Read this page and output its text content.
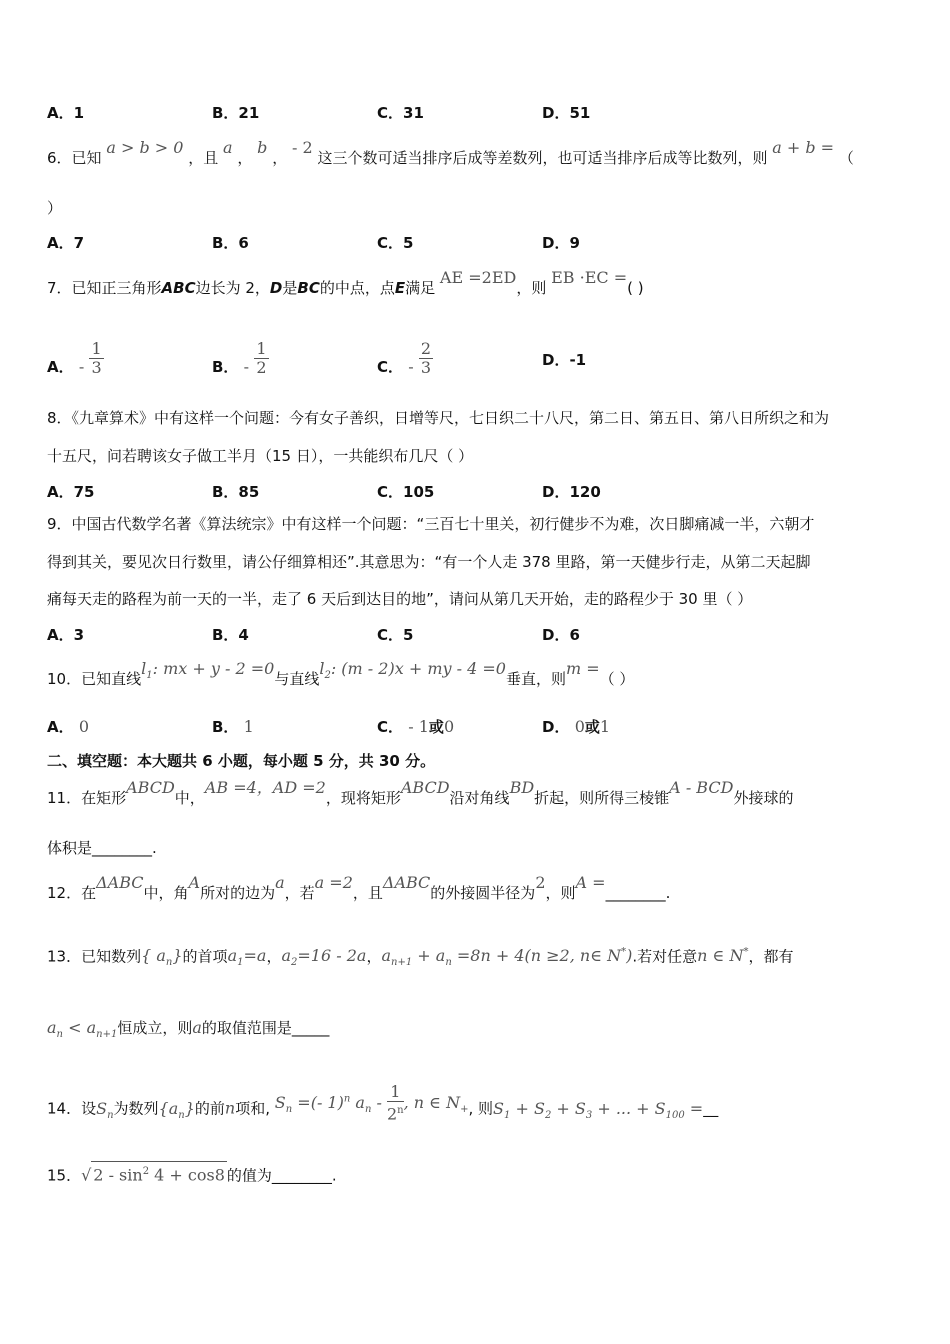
A．1	B．21	C．31	D．51
6．已知 a > b > 0 ，且 a ， b ， - 2 这三个数可适当排序后成等差数列，也可适当排序后成等比数列，则 a + b = （
）
A．7	B．6	C．5	D．9
7．已知正三角形ABC边长为 2，D是BC的中点，点E满足 AE =2ED，则 EB ·EC =( )
A． - $\frac{1}{3}$	B． - $\frac{1}{2}$	C． - $\frac{2}{3}$	D．-1
8．《九章算术》中有这样一个问题：今有女子善织，日增等尺，七日织二十八尺，第二日、第五日、第八日所织之和为
十五尺，问若聘该女子做工半月（15 日），一共能织布几尺（ ）
A．75	B．85	C．105	D．120
9．中国古代数学名著《算法统宗》中有这样一个问题：“三百七十里关，初行健步不为难，次日脚痛减一半，六朝才
得到其关，要见次日行数里，请公仔细算相还”.其意思为：“有一个人走 378 里路，第一天健步行走，从第二天起脚
痛每天走的路程为前一天的一半，走了 6 天后到达目的地”，请问从第几天开始，走的路程少于 30 里（ ）
A．3	B．4	C．5	D．6
10．已知直线$l_1$: mx + y - 2 =0与直线$l_2$: (m - 2)x + my - 4 =0垂直，则m =（ ）
A． 0	B． 1	C． - 1或0	D． 0或1
二、填空题：本大题共 6 小题，每小题 5 分，共 30 分。
11．在矩形ABCD中，AB =4，AD =2，现将矩形ABCD沿对角线BD折起，则所得三棱锥A - BCD外接球的
体积是________.
12．在ΔABC中，角A所对的边为a，若a =2，且ΔABC的外接圆半径为2，则A =________.
13．已知数列{ $a_n$}的首项$a_1=a$，$a_2=16 - 2a$，$a_{n+1} + a_n =8n + 4(n \ge 2$, n∈ N*).若对任意n ∈ N*，都有
$a_n < a_{n+1}$恒成立，则a的取值范围是_____
14．设$S_n$为数列$\{a_n\}$的前n项和, $S_n$ =(- 1)$^n$ $a_n - \frac{1}{2^n}$ , n ∈ $N_+$, 则$S_1 + S_2 + S_3$ + ... + $S_{100}$ =__
15．√ $2 - \sin^2 4 + \cos 8$ 的值为________.
